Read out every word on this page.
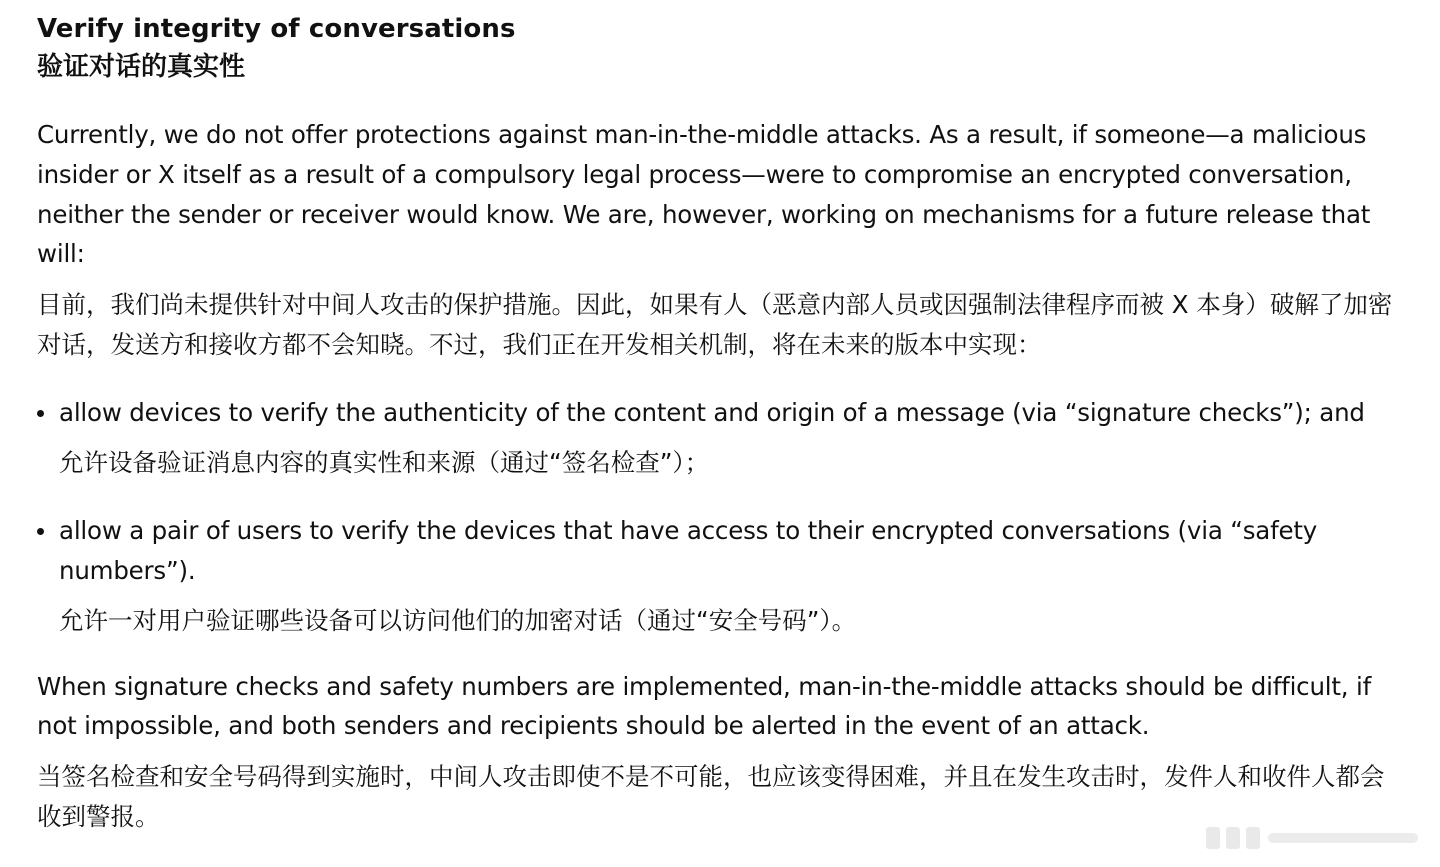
Verify integrity of conversations
验证对话的真实性

Currently, we do not offer protections against man-in-the-middle attacks. As a result, if someone—a malicious insider or X itself as a result of a compulsory legal process—were to compromise an encrypted conversation, neither the sender or receiver would know. We are, however, working on mechanisms for a future release that will:

目前，我们尚未提供针对中间人攻击的保护措施。因此，如果有人（恶意内部人员或因强制法律程序而被 X 本身）破解了加密对话，发送方和接收方都不会知晓。不过，我们正在开发相关机制，将在未来的版本中实现：

allow devices to verify the authenticity of the content and origin of a message (via “signature checks”); and

允许设备验证消息内容的真实性和来源（通过“签名检查”）；

allow a pair of users to verify the devices that have access to their encrypted conversations (via “safety numbers”).

允许一对用户验证哪些设备可以访问他们的加密对话（通过“安全号码”）。

When signature checks and safety numbers are implemented, man-in-the-middle attacks should be difficult, if not impossible, and both senders and recipients should be alerted in the event of an attack.

当签名检查和安全号码得到实施时，中间人攻击即使不是不可能，也应该变得困难，并且在发生攻击时，发件人和收件人都会收到警报。
